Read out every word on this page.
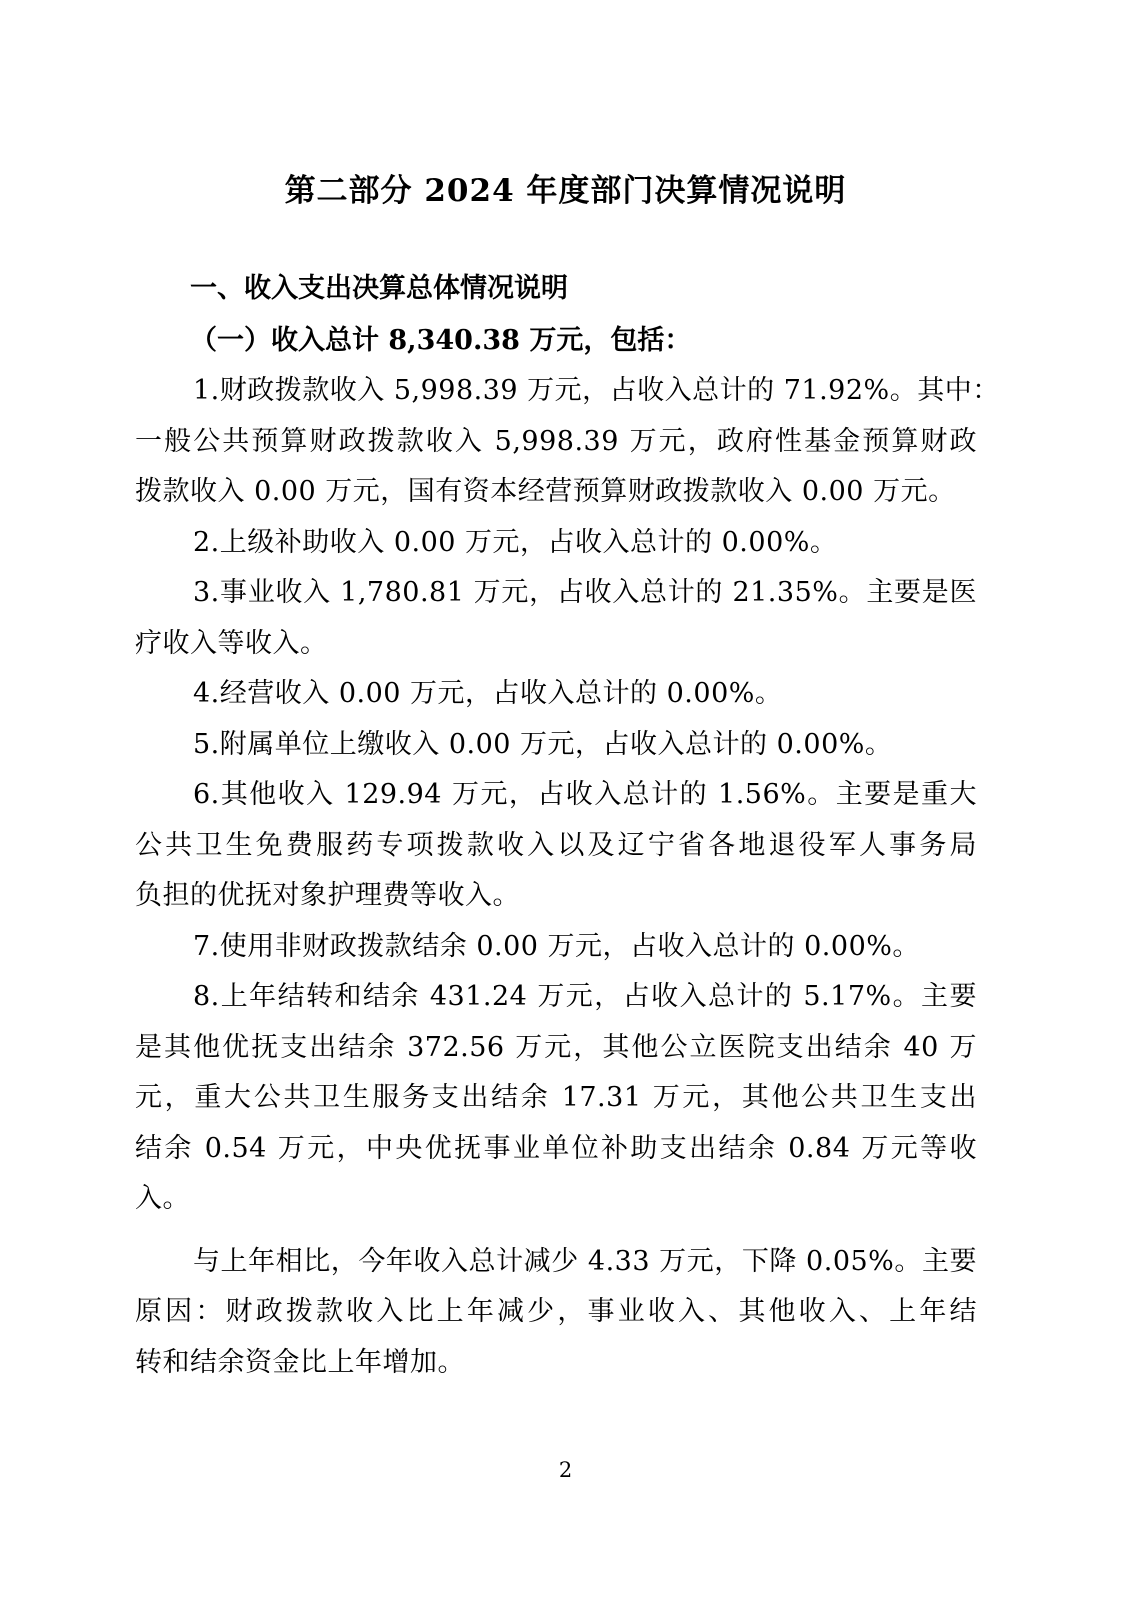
第二部分 2024 年度部门决算情况说明
一、收入支出决算总体情况说明
（一）收入总计 8,340.38 万元，包括：
1.财政拨款收入 5,998.39 万元，占收入总计的 71.92%。其中：
一般公共预算财政拨款收入 5,998.39 万元，政府性基金预算财政
拨款收入 0.00 万元，国有资本经营预算财政拨款收入 0.00 万元。
2.上级补助收入 0.00 万元，占收入总计的 0.00%。
3.事业收入 1,780.81 万元，占收入总计的 21.35%。主要是医
疗收入等收入。
4.经营收入 0.00 万元，占收入总计的 0.00%。
5.附属单位上缴收入 0.00 万元，占收入总计的 0.00%。
6.其他收入 129.94 万元，占收入总计的 1.56%。主要是重大
公共卫生免费服药专项拨款收入以及辽宁省各地退役军人事务局
负担的优抚对象护理费等收入。
7.使用非财政拨款结余 0.00 万元，占收入总计的 0.00%。
8.上年结转和结余 431.24 万元，占收入总计的 5.17%。主要
是其他优抚支出结余 372.56 万元，其他公立医院支出结余 40 万
元，重大公共卫生服务支出结余 17.31 万元，其他公共卫生支出
结余 0.54 万元，中央优抚事业单位补助支出结余 0.84 万元等收
入。
与上年相比，今年收入总计减少 4.33 万元，下降 0.05%。主要
原因：财政拨款收入比上年减少，事业收入、其他收入、上年结
转和结余资金比上年增加。
2
